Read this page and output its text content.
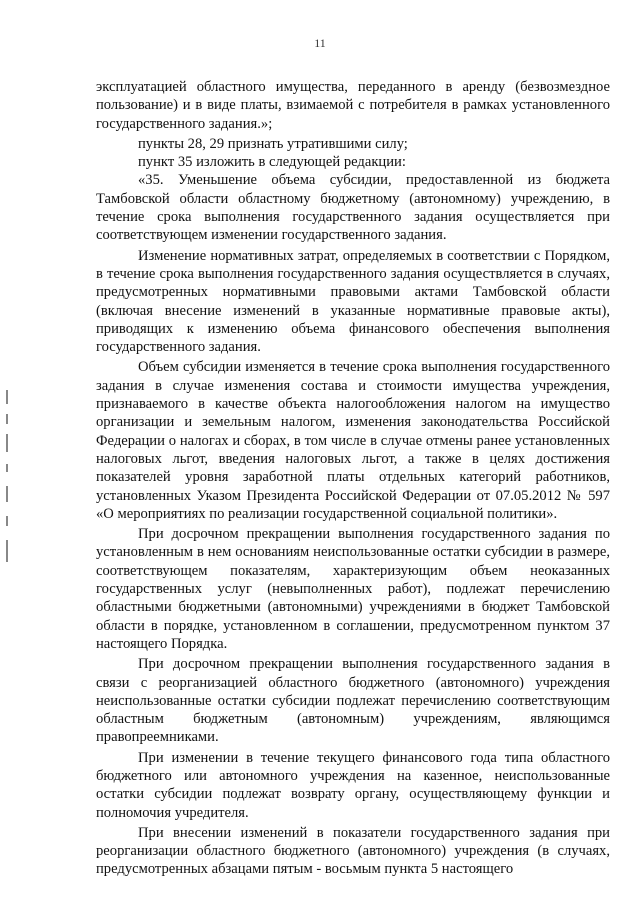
11

эксплуатацией областного имущества, переданного в аренду (безвозмездное пользование) и в виде платы, взимаемой с потребителя в рамках установленного государственного задания.»;

пункты 28, 29 признать утратившими силу;

пункт 35 изложить в следующей редакции:

«35. Уменьшение объема субсидии, предоставленной из бюджета Тамбовской области областному бюджетному (автономному) учреждению, в течение срока выполнения государственного задания осуществляется при соответствующем изменении государственного задания.

Изменение нормативных затрат, определяемых в соответствии с Порядком, в течение срока выполнения государственного задания осуществляется в случаях, предусмотренных нормативными правовыми актами Тамбовской области (включая внесение изменений в указанные нормативные правовые акты), приводящих к изменению объема финансового обеспечения выполнения государственного задания.

Объем субсидии изменяется в течение срока выполнения государственного задания в случае изменения состава и стоимости имущества учреждения, признаваемого в качестве объекта налогообложения налогом на имущество организации и земельным налогом, изменения законодательства Российской Федерации о налогах и сборах, в том числе в случае отмены ранее установленных налоговых льгот, введения налоговых льгот, а также в целях достижения показателей уровня заработной платы отдельных категорий работников, установленных Указом Президента Российской Федерации от 07.05.2012 № 597 «О мероприятиях по реализации государственной социальной политики».

При досрочном прекращении выполнения государственного задания по установленным в нем основаниям неиспользованные остатки субсидии в размере, соответствующем показателям, характеризующим объем неоказанных государственных услуг (невыполненных работ), подлежат перечислению областными бюджетными (автономными) учреждениями в бюджет Тамбовской области в порядке, установленном в соглашении, предусмотренном пунктом 37 настоящего Порядка.

При досрочном прекращении выполнения государственного задания в связи с реорганизацией областного бюджетного (автономного) учреждения неиспользованные остатки субсидии подлежат перечислению соответствующим областным бюджетным (автономным) учреждениям, являющимся правопреемниками.

При изменении в течение текущего финансового года типа областного бюджетного или автономного учреждения на казенное, неиспользованные остатки субсидии подлежат возврату органу, осуществляющему функции и полномочия учредителя.

При внесении изменений в показатели государственного задания при реорганизации областного бюджетного (автономного) учреждения (в случаях, предусмотренных абзацами пятым - восьмым пункта 5 настоящего
